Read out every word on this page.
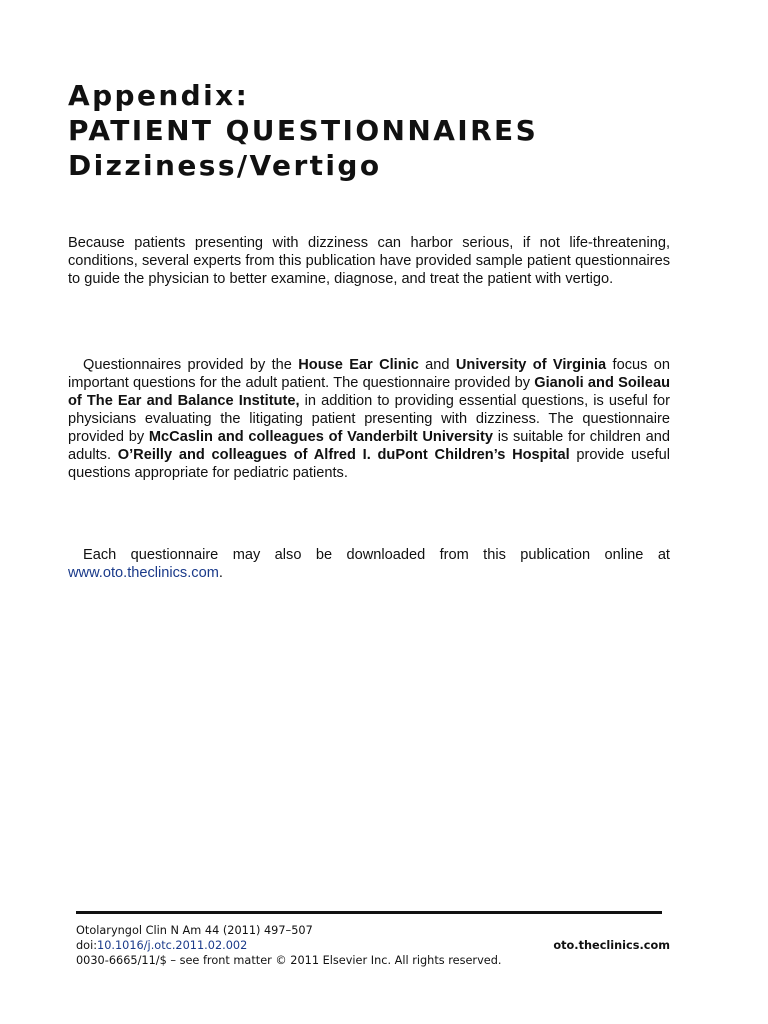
Appendix:
PATIENT QUESTIONNAIRES
Dizziness/Vertigo

Because patients presenting with dizziness can harbor serious, if not life-threatening, conditions, several experts from this publication have provided sample patient questionnaires to guide the physician to better examine, diagnose, and treat the patient with vertigo.

Questionnaires provided by the House Ear Clinic and University of Virginia focus on important questions for the adult patient. The questionnaire provided by Gianoli and Soileau of The Ear and Balance Institute, in addition to providing essential questions, is useful for physicians evaluating the litigating patient presenting with dizziness. The questionnaire provided by McCaslin and colleagues of Vanderbilt University is suitable for children and adults. O’Reilly and colleagues of Alfred I. duPont Children’s Hospital provide useful questions appropriate for pediatric patients.

Each questionnaire may also be downloaded from this publication online at www.oto.theclinics.com.

Otolaryngol Clin N Am 44 (2011) 497–507
doi:10.1016/j.otc.2011.02.002	oto.theclinics.com
0030-6665/11/$ – see front matter © 2011 Elsevier Inc. All rights reserved.
